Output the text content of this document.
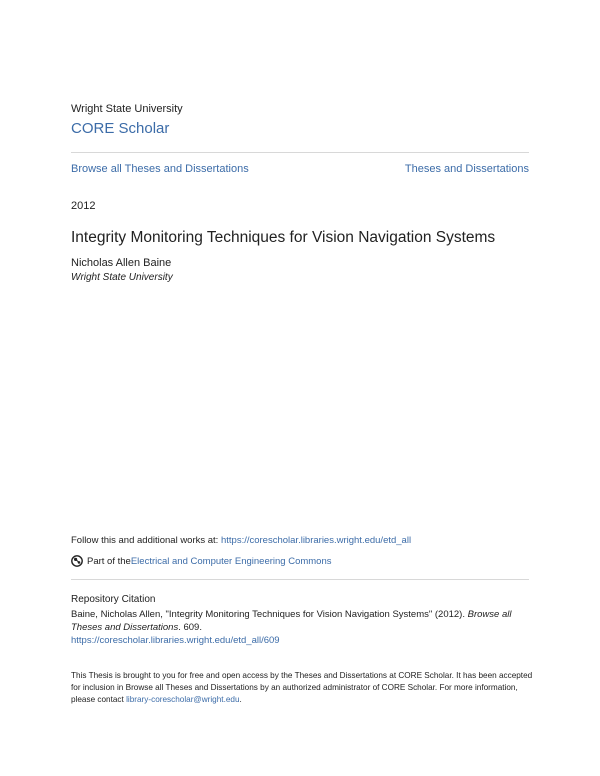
Wright State University
CORE Scholar
Browse all Theses and Dissertations	Theses and Dissertations
2012
Integrity Monitoring Techniques for Vision Navigation Systems
Nicholas Allen Baine
Wright State University
Follow this and additional works at: https://corescholar.libraries.wright.edu/etd_all
Part of the Electrical and Computer Engineering Commons
Repository Citation
Baine, Nicholas Allen, "Integrity Monitoring Techniques for Vision Navigation Systems" (2012). Browse all Theses and Dissertations. 609.
https://corescholar.libraries.wright.edu/etd_all/609
This Thesis is brought to you for free and open access by the Theses and Dissertations at CORE Scholar. It has been accepted for inclusion in Browse all Theses and Dissertations by an authorized administrator of CORE Scholar. For more information, please contact library-corescholar@wright.edu.
